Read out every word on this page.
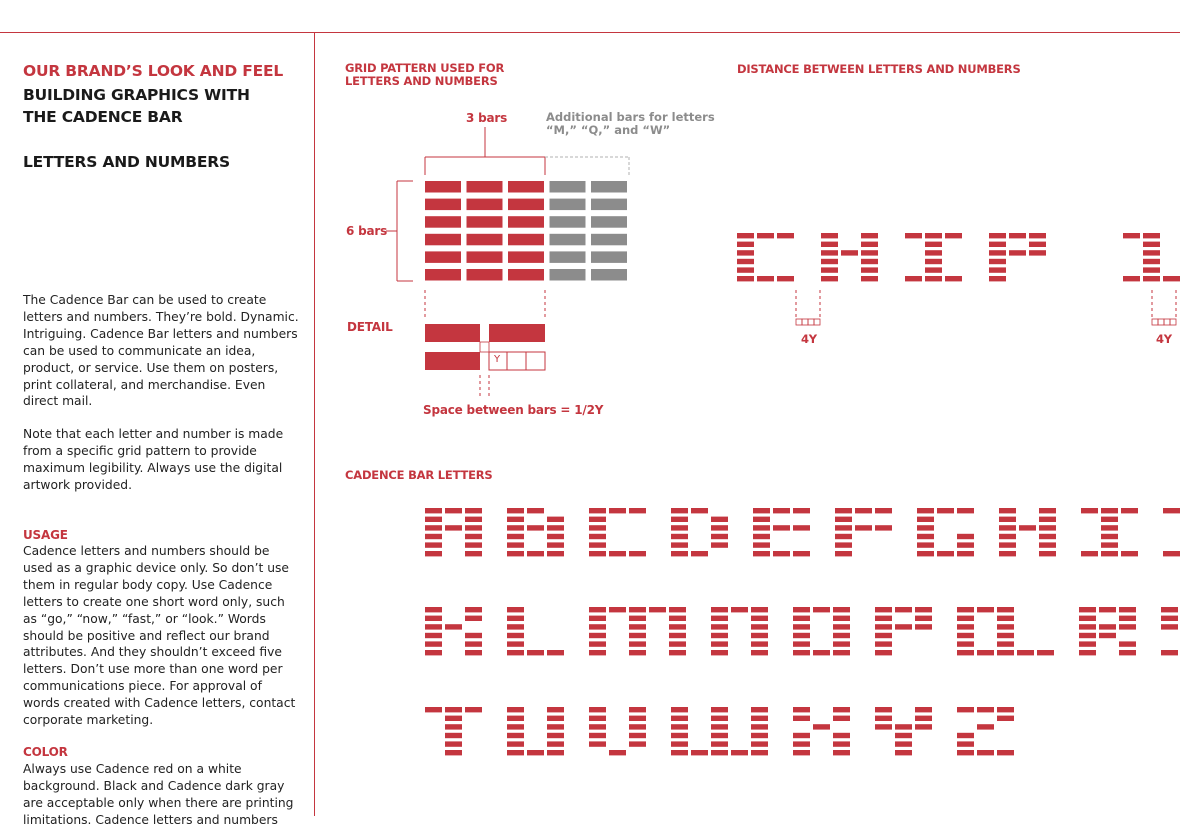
OUR BRAND’S LOOK AND FEEL
BUILDING GRAPHICS WITH
THE CADENCE BAR
LETTERS AND NUMBERS
The Cadence Bar can be used to create
letters and numbers. They’re bold. Dynamic.
Intriguing. Cadence Bar letters and numbers
can be used to communicate an idea,
product, or service. Use them on posters,
print collateral, and merchandise. Even
direct mail.
Note that each letter and number is made
from a specific grid pattern to provide
maximum legibility. Always use the digital
artwork provided.
USAGE
Cadence letters and numbers should be
used as a graphic device only. So don’t use
them in regular body copy. Use Cadence
letters to create one short word only, such
as “go,” “now,” “fast,” or “look.” Words
should be positive and reflect our brand
attributes. And they shouldn’t exceed five
letters. Don’t use more than one word per
communications piece. For approval of
words created with Cadence letters, contact
corporate marketing.
COLOR
Always use Cadence red on a white
background. Black and Cadence dark gray
are acceptable only when there are printing
limitations. Cadence letters and numbers
GRID PATTERN USED FOR
LETTERS AND NUMBERS
3 bars	Additional bars for letters
“M,” “Q,” and “W”
6 bars
DETAIL
Space between bars = 1/2Y
DISTANCE BETWEEN LETTERS AND NUMBERS
4Y	4Y
CADENCE BAR LETTERS
Y
